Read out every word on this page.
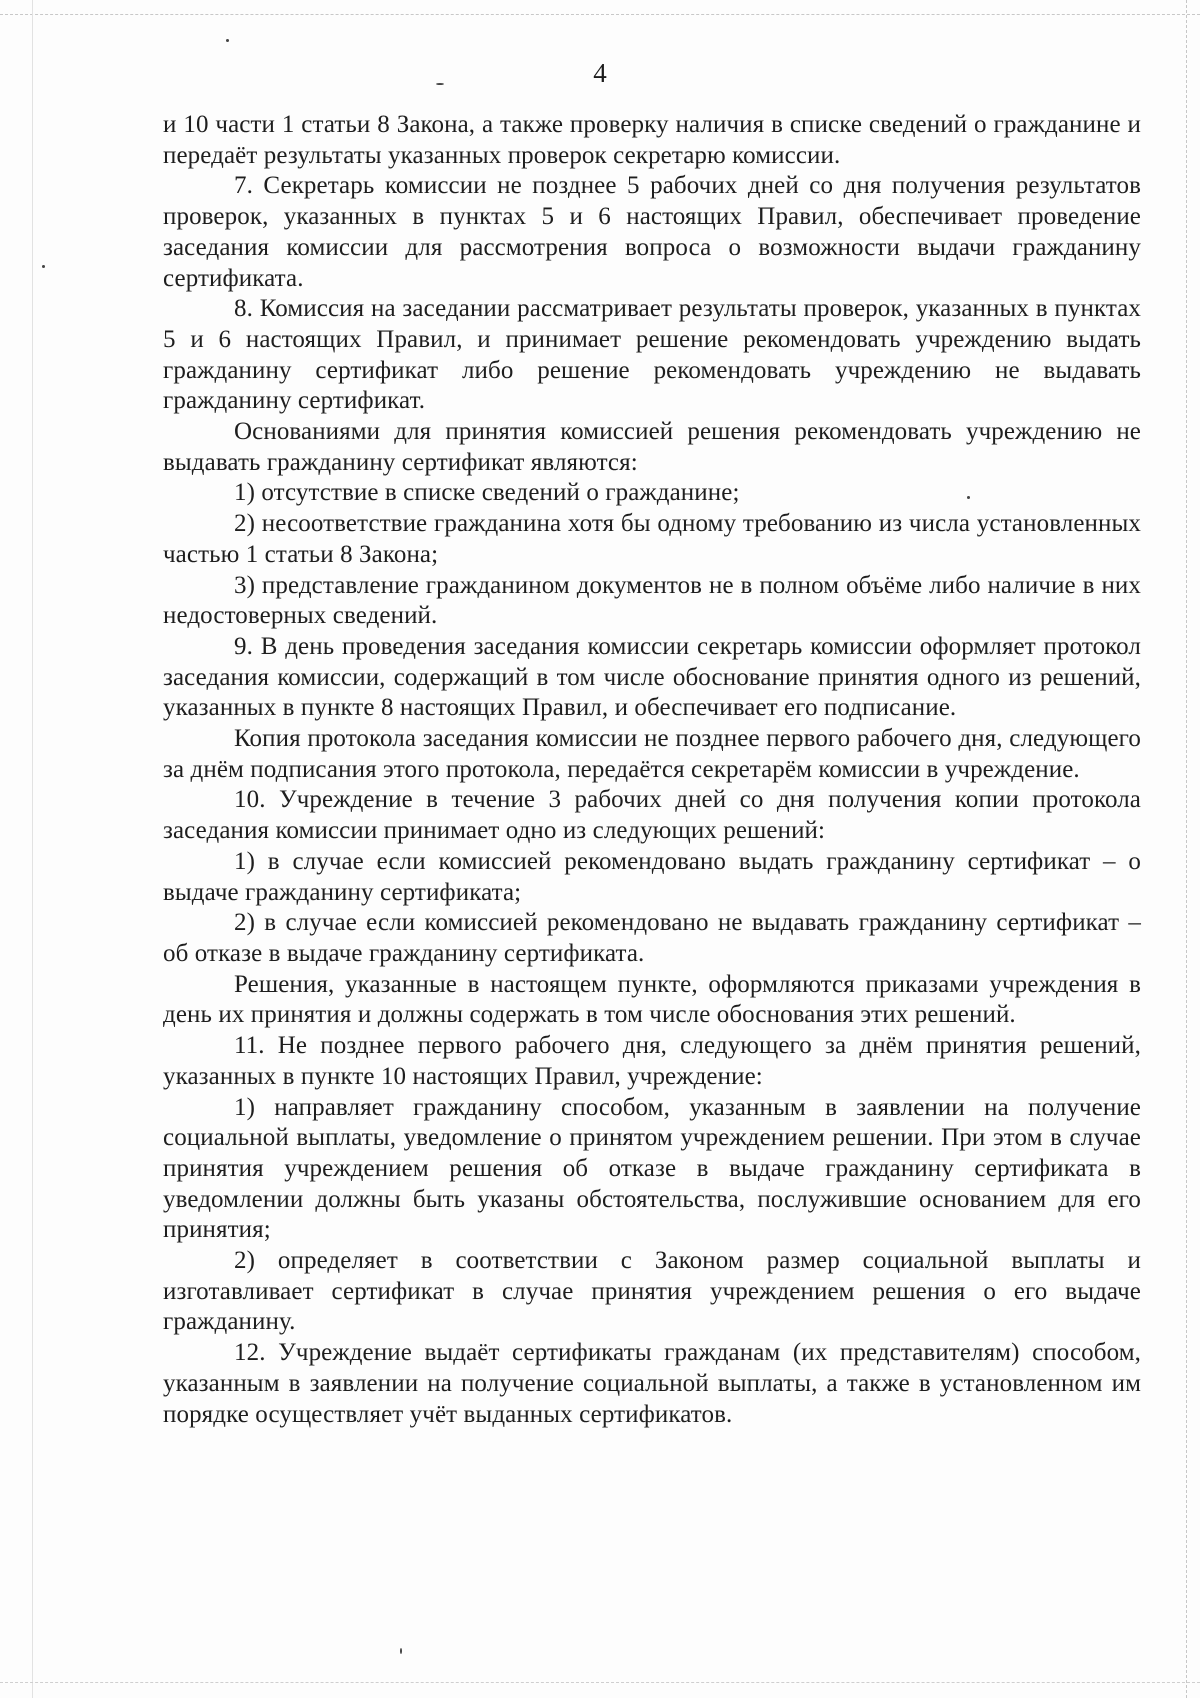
4

и 10 части 1 статьи 8 Закона, а также проверку наличия в списке сведений о гражданине и передаёт результаты указанных проверок секретарю комиссии.

7. Секретарь комиссии не позднее 5 рабочих дней со дня получения результатов проверок, указанных в пунктах 5 и 6 настоящих Правил, обеспечивает проведение заседания комиссии для рассмотрения вопроса о возможности выдачи гражданину сертификата.

8. Комиссия на заседании рассматривает результаты проверок, указанных в пунктах 5 и 6 настоящих Правил, и принимает решение рекомендовать учреждению выдать гражданину сертификат либо решение рекомендовать учреждению не выдавать гражданину сертификат.

Основаниями для принятия комиссией решения рекомендовать учреждению не выдавать гражданину сертификат являются:

1) отсутствие в списке сведений о гражданине;

2) несоответствие гражданина хотя бы одному требованию из числа установленных частью 1 статьи 8 Закона;

3) представление гражданином документов не в полном объёме либо наличие в них недостоверных сведений.

9. В день проведения заседания комиссии секретарь комиссии оформляет протокол заседания комиссии, содержащий в том числе обоснование принятия одного из решений, указанных в пункте 8 настоящих Правил, и обеспечивает его подписание.

Копия протокола заседания комиссии не позднее первого рабочего дня, следующего за днём подписания этого протокола, передаётся секретарём комиссии в учреждение.

10. Учреждение в течение 3 рабочих дней со дня получения копии протокола заседания комиссии принимает одно из следующих решений:

1) в случае если комиссией рекомендовано выдать гражданину сертификат – о выдаче гражданину сертификата;

2) в случае если комиссией рекомендовано не выдавать гражданину сертификат – об отказе в выдаче гражданину сертификата.

Решения, указанные в настоящем пункте, оформляются приказами учреждения в день их принятия и должны содержать в том числе обоснования этих решений.

11. Не позднее первого рабочего дня, следующего за днём принятия решений, указанных в пункте 10 настоящих Правил, учреждение:

1) направляет гражданину способом, указанным в заявлении на получение социальной выплаты, уведомление о принятом учреждением решении. При этом в случае принятия учреждением решения об отказе в выдаче гражданину сертификата в уведомлении должны быть указаны обстоятельства, послужившие основанием для его принятия;

2) определяет в соответствии с Законом размер социальной выплаты и изготавливает сертификат в случае принятия учреждением решения о его выдаче гражданину.

12. Учреждение выдаёт сертификаты гражданам (их представителям) способом, указанным в заявлении на получение социальной выплаты, а также в установленном им порядке осуществляет учёт выданных сертификатов.
